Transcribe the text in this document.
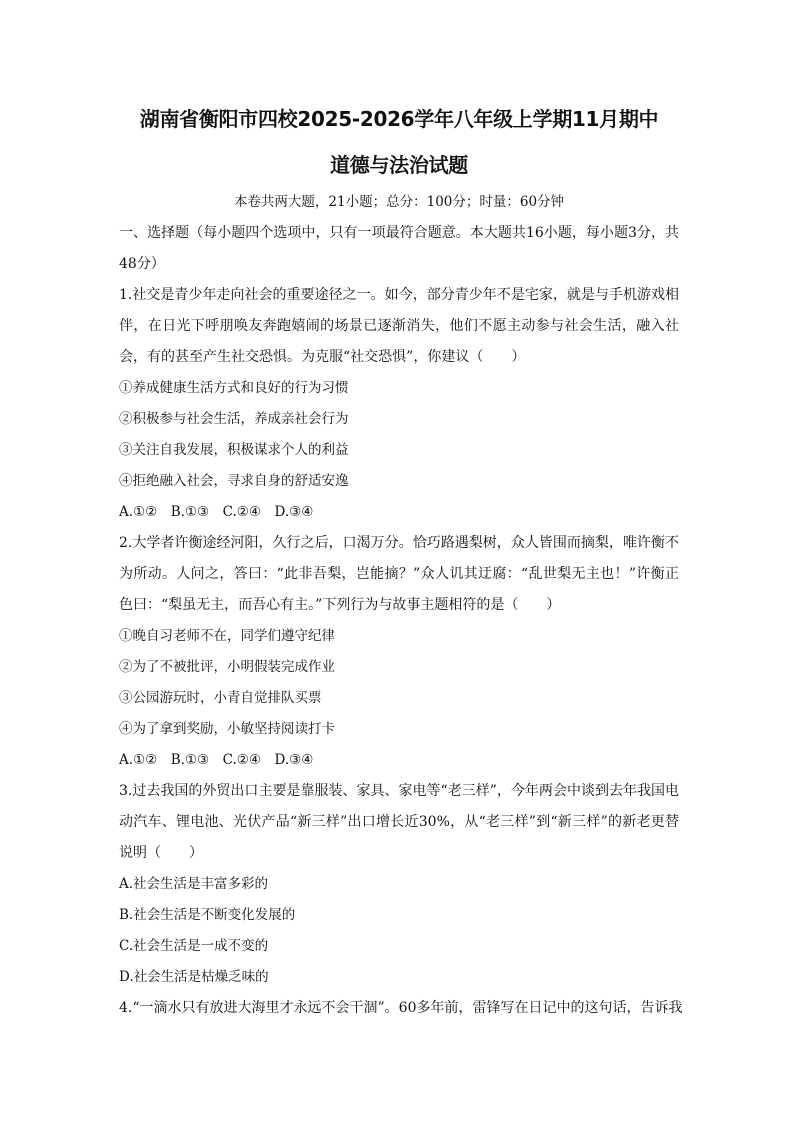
湖南省衡阳市四校2025-2026学年八年级上学期11月期中
道德与法治试题
本卷共两大题，21小题；总分：100分；时量：60分钟

一、选择题（每小题四个选项中，只有一项最符合题意。本大题共16小题，每小题3分，共48分）

1.社交是青少年走向社会的重要途径之一。如今，部分青少年不是宅家，就是与手机游戏相伴，在日光下呼朋唤友奔跑嬉闹的场景已逐渐消失，他们不愿主动参与社会生活，融入社会，有的甚至产生社交恐惧。为克服“社交恐惧”，你建议（　　）

①养成健康生活方式和良好的行为习惯

②积极参与社会生活，养成亲社会行为

③关注自我发展，积极谋求个人的利益

④拒绝融入社会，寻求自身的舒适安逸

A.①②　B.①③　C.②④　D.③④

2.大学者许衡途经河阳，久行之后，口渴万分。恰巧路遇梨树，众人皆围而摘梨，唯许衡不为所动。人问之，答曰：“此非吾梨，岂能摘？”众人讥其迂腐：“乱世梨无主也！”许衡正色曰：“梨虽无主，而吾心有主。”下列行为与故事主题相符的是（　　）

①晚自习老师不在，同学们遵守纪律

②为了不被批评，小明假装完成作业

③公园游玩时，小青自觉排队买票

④为了拿到奖励，小敏坚持阅读打卡

A.①②　B.①③　C.②④　D.③④

3.过去我国的外贸出口主要是靠服装、家具、家电等“老三样”，今年两会中谈到去年我国电动汽车、锂电池、光伏产品“新三样”出口增长近30%，从“老三样”到“新三样”的新老更替说明（　　）

A.社会生活是丰富多彩的

B.社会生活是不断变化发展的

C.社会生活是一成不变的

D.社会生活是枯燥乏味的

4.“一滴水只有放进大海里才永远不会干涸”。60多年前，雷锋写在日记中的这句话，告诉我
